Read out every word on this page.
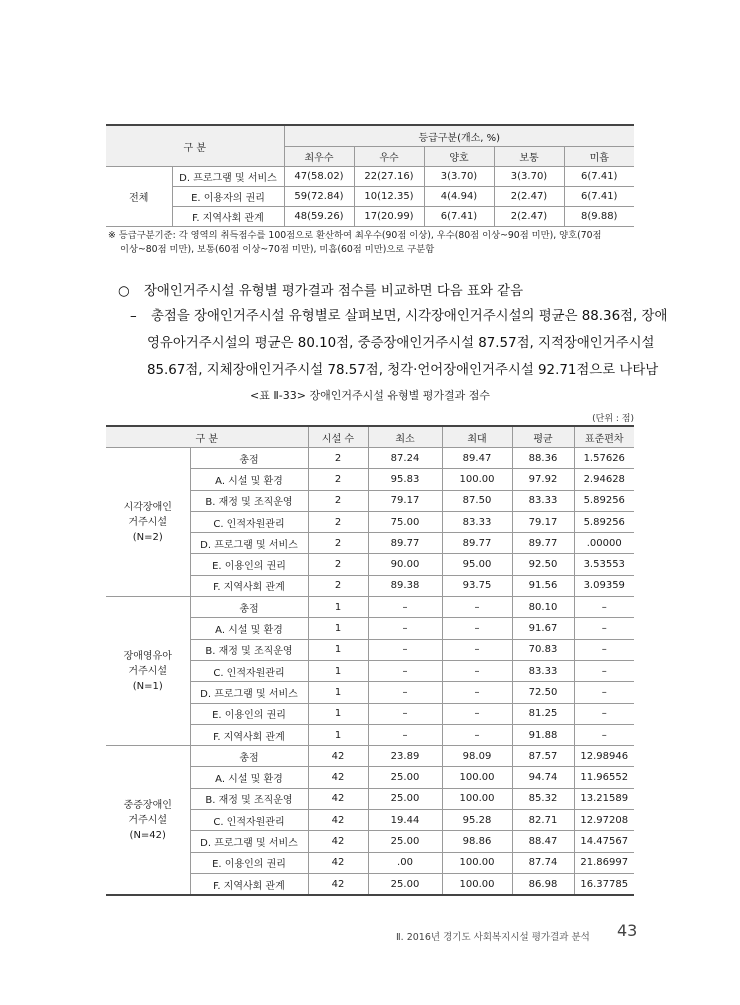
구 분		등급구분(개소, %)				
		최우수	우수	양호	보통	미흡
전체	D. 프로그램 및 서비스	47(58.02)	22(27.16)	3(3.70)	3(3.70)	6(7.41)
	E. 이용자의 권리	59(72.84)	10(12.35)	4(4.94)	2(2.47)	6(7.41)
	F. 지역사회 관계	48(59.26)	17(20.99)	6(7.41)	2(2.47)	8(9.88)
※ 등급구분기준: 각 영역의 취득점수를 100점으로 환산하여 최우수(90점 이상), 우수(80점 이상~90점 미만), 양호(70점
이상~80점 미만), 보통(60점 이상~70점 미만), 미흡(60점 미만)으로 구분함
○ 장애인거주시설 유형별 평가결과 점수를 비교하면 다음 표와 같음
– 총점을 장애인거주시설 유형별로 살펴보면, 시각장애인거주시설의 평균은 88.36점, 장애
영유아거주시설의 평균은 80.10점, 중증장애인거주시설 87.57점, 지적장애인거주시설
85.67점, 지체장애인거주시설 78.57점, 청각·언어장애인거주시설 92.71점으로 나타남
<표 Ⅱ-33> 장애인거주시설 유형별 평가결과 점수
(단위 : 점)
구 분		시설 수	최소	최대	평균	표준편차

시각장애인
거주시설
(N=2)	총점	2	87.24	89.47	88.36	1.57626
	A. 시설 및 환경	2	95.83	100.00	97.92	2.94628
	B. 재정 및 조직운영	2	79.17	87.50	83.33	5.89256
	C. 인적자원관리	2	75.00	83.33	79.17	5.89256
	D. 프로그램 및 서비스	2	89.77	89.77	89.77	.00000
	E. 이용인의 권리	2	90.00	95.00	92.50	3.53553
	F. 지역사회 관계	2	89.38	93.75	91.56	3.09359

장애영유아
거주시설
(N=1)	총점	1	–	–	80.10	–
	A. 시설 및 환경	1	–	–	91.67	–
	B. 재정 및 조직운영	1	–	–	70.83	–
	C. 인적자원관리	1	–	–	83.33	–
	D. 프로그램 및 서비스	1	–	–	72.50	–
	E. 이용인의 권리	1	–	–	81.25	–
	F. 지역사회 관계	1	–	–	91.88	–

중증장애인
거주시설
(N=42)	총점	42	23.89	98.09	87.57	12.98946
	A. 시설 및 환경	42	25.00	100.00	94.74	11.96552
	B. 재정 및 조직운영	42	25.00	100.00	85.32	13.21589
	C. 인적자원관리	42	19.44	95.28	82.71	12.97208
	D. 프로그램 및 서비스	42	25.00	98.86	88.47	14.47567
	E. 이용인의 권리	42	.00	100.00	87.74	21.86997
	F. 지역사회 관계	42	25.00	100.00	86.98	16.37785
Ⅱ. 2016년 경기도 사회복지시설 평가결과 분석 43
